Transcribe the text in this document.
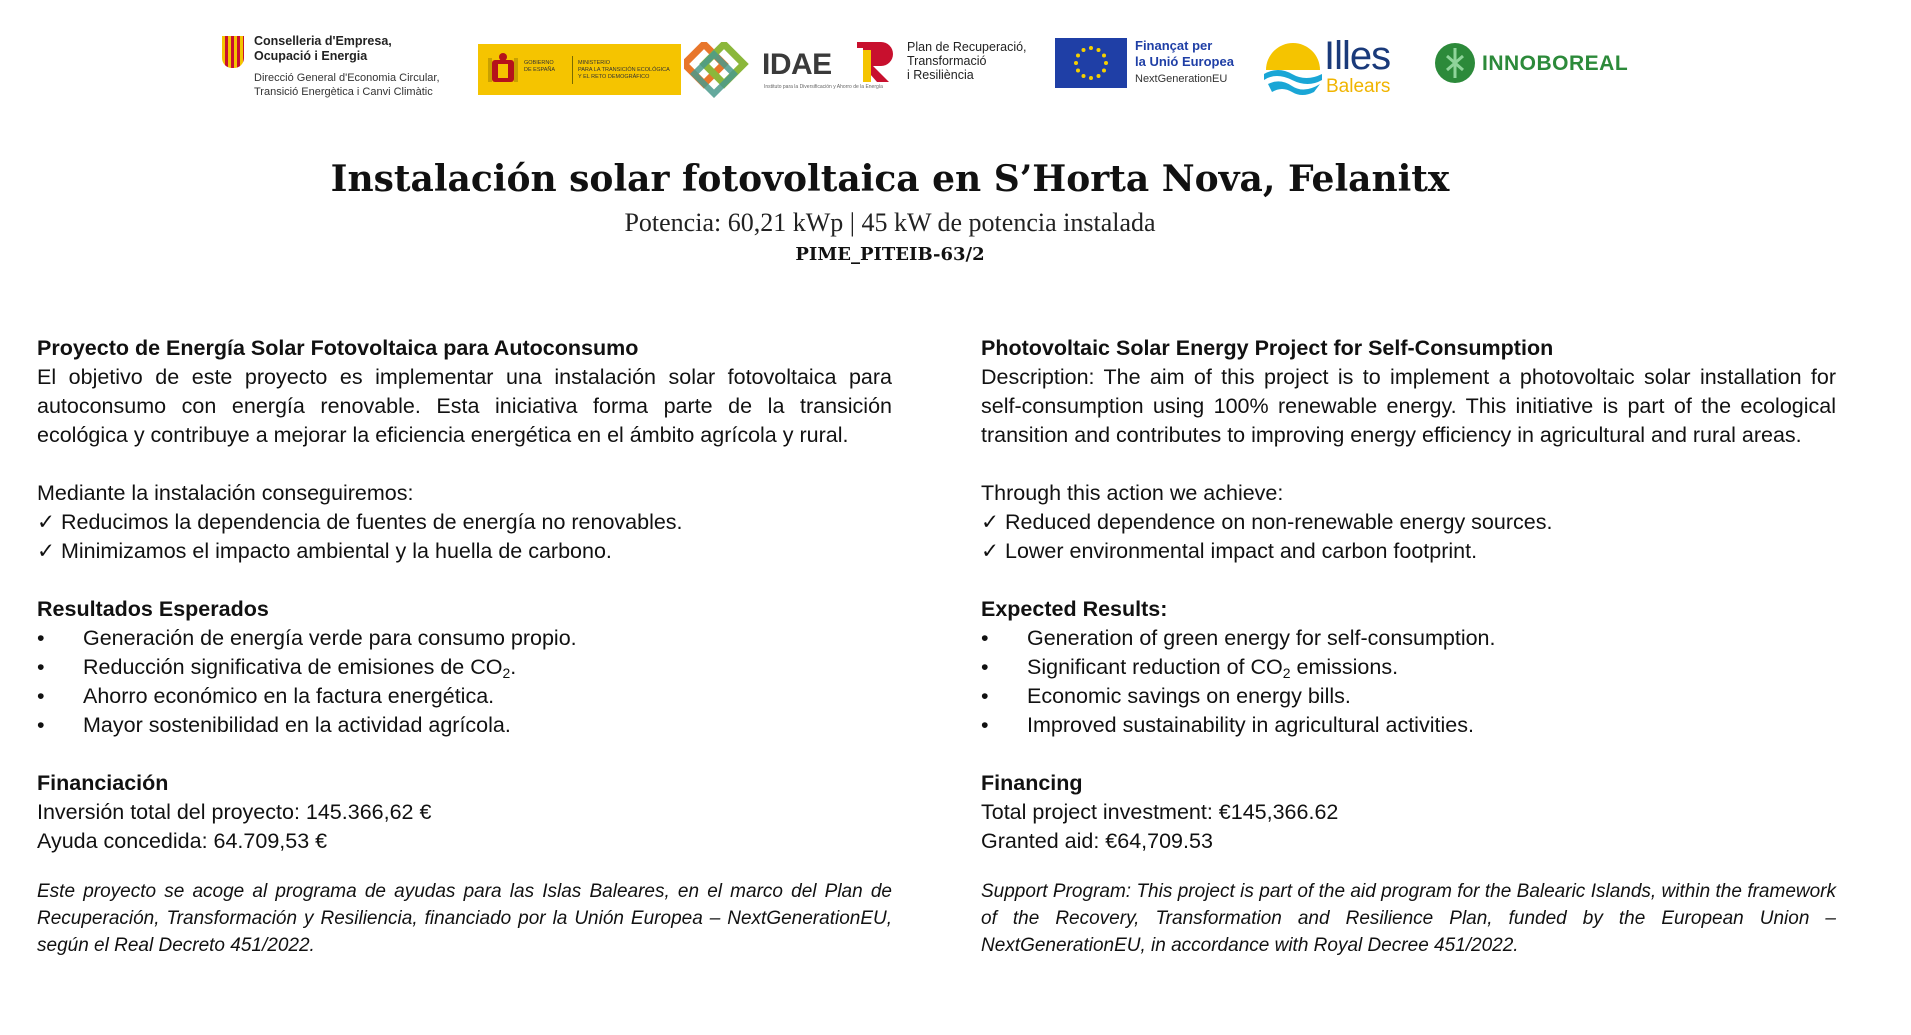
Conselleria d'Empresa,
Ocupació i Energia
Direcció General d'Economia Circular,
Transició Energètica i Canvi Climàtic
GOBIERNO
DE ESPAÑA
MINISTERIO
PARA LA TRANSICIÓN ECOLÓGICA
Y EL RETO DEMOGRÁFICO	IDAE
Instituto para la Diversificación y Ahorro de la Energía
Plan de Recuperació,
Transformació
i Resiliència
Finançat per
la Unió Europea
NextGenerationEU
Illes
Balears
INNOBOREAL
Instalación solar fotovoltaica en S’Horta Nova, Felanitx
Potencia: 60,21 kWp | 45 kW de potencia instalada
PIME_PITEIB-63/2

Proyecto de Energía Solar Fotovoltaica para Autoconsumo

El objetivo de este proyecto es implementar una instalación solar fotovoltaica para autoconsumo con energía renovable. Esta iniciativa forma parte de la transición ecológica y contribuye a mejorar la eficiencia energética en el ámbito agrícola y rural.

Mediante la instalación conseguiremos:

✓ Reducimos la dependencia de fuentes de energía no renovables.

✓ Minimizamos el impacto ambiental y la huella de carbono.

Resultados Esperados

• Generación de energía verde para consumo propio.

• Reducción significativa de emisiones de $CO_2$.

• Ahorro económico en la factura energética.

• Mayor sostenibilidad en la actividad agrícola.

Financiación

Inversión total del proyecto: 145.366,62 €

Ayuda concedida: 64.709,53 €

Este proyecto se acoge al programa de ayudas para las Islas Baleares, en el marco del Plan de Recuperación, Transformación y Resiliencia, financiado por la Unión Europea – NextGenerationEU, según el Real Decreto 451/2022.

Photovoltaic Solar Energy Project for Self-Consumption

Description: The aim of this project is to implement a photovoltaic solar installation for self-consumption using 100% renewable energy. This initiative is part of the ecological transition and contributes to improving energy efficiency in agricultural and rural areas.

Through this action we achieve:

✓ Reduced dependence on non-renewable energy sources.

✓ Lower environmental impact and carbon footprint.

Expected Results:

• Generation of green energy for self-consumption.

• Significant reduction of $CO_2$ emissions.

• Economic savings on energy bills.

• Improved sustainability in agricultural activities.

Financing

Total project investment: €145,366.62

Granted aid: €64,709.53

Support Program: This project is part of the aid program for the Balearic Islands, within the framework of the Recovery, Transformation and Resilience Plan, funded by the European Union – NextGenerationEU, in accordance with Royal Decree 451/2022.
